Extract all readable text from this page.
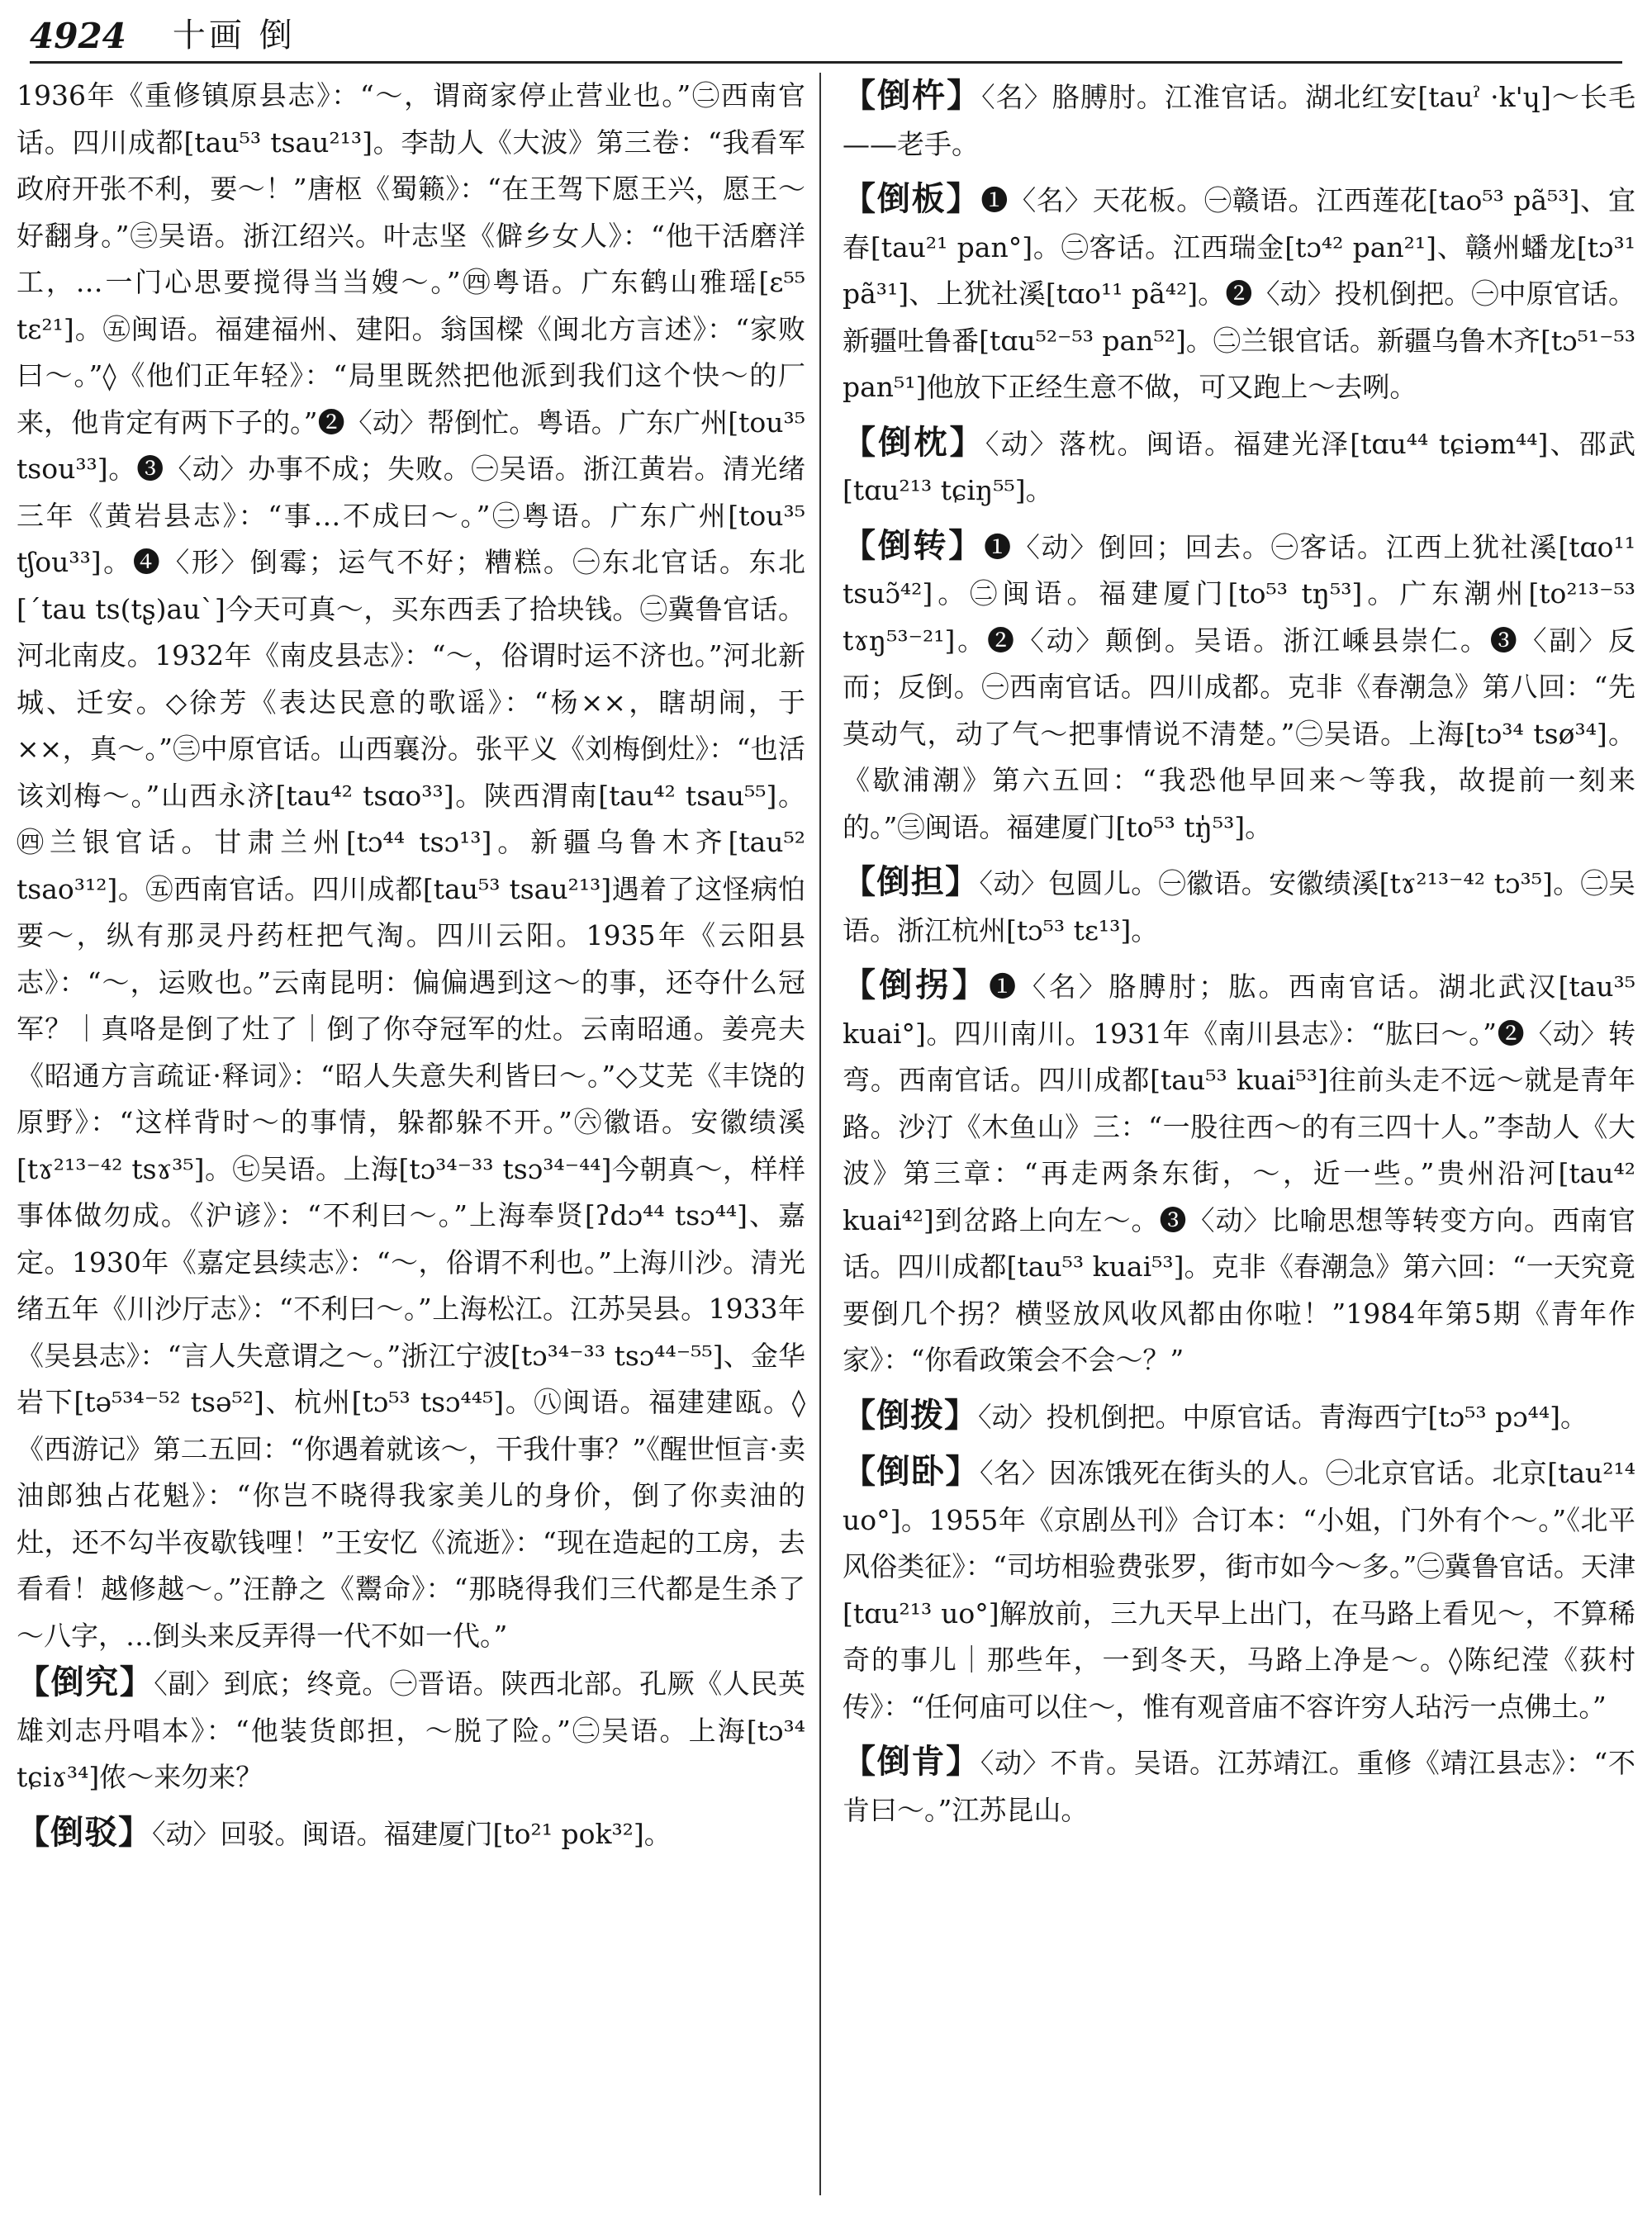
4924 十画 倒

1936年《重修镇原县志》：“～，谓商家停止营业也。”㊁西南官话。四川成都[tau⁵³ tsau²¹³]。李劼人《大波》第三卷：“我看军政府开张不利，要～！”唐枢《蜀籁》：“在王驾下愿王兴，愿王～好翻身。”㊂吴语。浙江绍兴。叶志坚《僻乡女人》：“他干活磨洋工，…一门心思要搅得当当嫂～。”㊃粤语。广东鹤山雅瑶[ɛ⁵⁵ tɛ²¹]。㊄闽语。福建福州、建阳。翁国樑《闽北方言述》：“家败曰～。”◊《他们正年轻》：“局里既然把他派到我们这个快～的厂来，他肯定有两下子的。”❷〈动〉帮倒忙。粤语。广东广州[tou³⁵ tsou³³]。❸〈动〉办事不成；失败。㊀吴语。浙江黄岩。清光绪三年《黄岩县志》：“事…不成曰～。”㊁粤语。广东广州[tou³⁵ tʃou³³]。❹〈形〉倒霉；运气不好；糟糕。㊀东北官话。东北[ˊtau ts(tʂ)auˋ]今天可真～，买东西丢了拾块钱。㊁冀鲁官话。河北南皮。1932年《南皮县志》：“～，俗谓时运不济也。”河北新城、迁安。◇徐芳《表达民意的歌谣》：“杨××，瞎胡闹，于××，真～。”㊂中原官话。山西襄汾。张平义《刘梅倒灶》：“也活该刘梅～。”山西永济[tau⁴² tsɑo³³]。陕西渭南[tau⁴² tsau⁵⁵]。㊃兰银官话。甘肃兰州[tɔ⁴⁴ tsɔ¹³]。新疆乌鲁木齐[tau⁵² tsao³¹²]。㊄西南官话。四川成都[tau⁵³ tsau²¹³]遇着了这怪病怕要～，纵有那灵丹药枉把气淘。四川云阳。1935年《云阳县志》：“～，运败也。”云南昆明：偏偏遇到这～的事，还夺什么冠军？｜真咯是倒了灶了｜倒了你夺冠军的灶。云南昭通。姜亮夫《昭通方言疏证·释词》：“昭人失意失利皆曰～。”◇艾芜《丰饶的原野》：“这样背时～的事情，躲都躲不开。”㊅徽语。安徽绩溪[tɤ²¹³⁻⁴² tsɤ³⁵]。㊆吴语。上海[tɔ³⁴⁻³³ tsɔ³⁴⁻⁴⁴]今朝真～，样样事体做勿成。《沪谚》：“不利曰～。”上海奉贤[ʔdɔ⁴⁴ tsɔ⁴⁴]、嘉定。1930年《嘉定县续志》：“～，俗谓不利也。”上海川沙。清光绪五年《川沙厅志》：“不利曰～。”上海松江。江苏吴县。1933年《吴县志》：“言人失意谓之～。”浙江宁波[tɔ³⁴⁻³³ tsɔ⁴⁴⁻⁵⁵]、金华岩下[tə⁵³⁴⁻⁵² tsə⁵²]、杭州[tɔ⁵³ tsɔ⁴⁴⁵]。㊇闽语。福建建瓯。◊《西游记》第二五回：“你遇着就该～，干我什事？”《醒世恒言·卖油郎独占花魁》：“你岂不晓得我家美儿的身价，倒了你卖油的灶，还不勾半夜歇钱哩！”王安忆《流逝》：“现在造起的工房，去看看！越修越～。”汪静之《鬻命》：“那晓得我们三代都是生杀了～八字，…倒头来反弄得一代不如一代。”

【倒究】〈副〉到底；终竟。㊀晋语。陕西北部。孔厥《人民英雄刘志丹唱本》：“他装货郎担，～脱了险。”㊁吴语。上海[tɔ³⁴ tɕiɤ³⁴]侬～来勿来？

【倒驳】〈动〉回驳。闽语。福建厦门[to²¹ pok³²]。

【倒杵】〈名〉胳膊肘。江淮官话。湖北红安[tauˀ ·k'ɥ]～长毛——老手。

【倒板】❶〈名〉天花板。㊀赣语。江西莲花[tao⁵³ pã⁵³]、宜春[tau²¹ pan°]。㊁客话。江西瑞金[tɔ⁴² pan²¹]、赣州蟠龙[tɔ³¹ pã³¹]、上犹社溪[tɑo¹¹ pã⁴²]。❷〈动〉投机倒把。㊀中原官话。新疆吐鲁番[tɑu⁵²⁻⁵³ pan⁵²]。㊁兰银官话。新疆乌鲁木齐[tɔ⁵¹⁻⁵³ pan⁵¹]他放下正经生意不做，可又跑上～去咧。

【倒枕】〈动〉落枕。闽语。福建光泽[tɑu⁴⁴ tɕiəm⁴⁴]、邵武[tɑu²¹³ tɕiŋ⁵⁵]。

【倒转】❶〈动〉倒回；回去。㊀客话。江西上犹社溪[tɑo¹¹ tsuɔ̃⁴²]。㊁闽语。福建厦门[to⁵³ tŋ⁵³]。广东潮州[to²¹³⁻⁵³ tɤŋ⁵³⁻²¹]。❷〈动〉颠倒。吴语。浙江嵊县崇仁。❸〈副〉反而；反倒。㊀西南官话。四川成都。克非《春潮急》第八回：“先莫动气，动了气～把事情说不清楚。”㊁吴语。上海[tɔ³⁴ tsø³⁴]。《歇浦潮》第六五回：“我恐他早回来～等我，故提前一刻来的。”㊂闽语。福建厦门[to⁵³ tŋ̍⁵³]。

【倒担】〈动〉包圆儿。㊀徽语。安徽绩溪[tɤ²¹³⁻⁴² tɔ³⁵]。㊁吴语。浙江杭州[tɔ⁵³ tɛ¹³]。

【倒拐】❶〈名〉胳膊肘；肱。西南官话。湖北武汉[tau³⁵ kuai°]。四川南川。1931年《南川县志》：“肱曰～。”❷〈动〉转弯。西南官话。四川成都[tau⁵³ kuai⁵³]往前头走不远～就是青年路。沙汀《木鱼山》三：“一股往西～的有三四十人。”李劼人《大波》第三章：“再走两条东街，～，近一些。”贵州沿河[tau⁴² kuai⁴²]到岔路上向左～。❸〈动〉比喻思想等转变方向。西南官话。四川成都[tau⁵³ kuai⁵³]。克非《春潮急》第六回：“一天究竟要倒几个拐？横竖放风收风都由你啦！”1984年第5期《青年作家》：“你看政策会不会～？”

【倒拨】〈动〉投机倒把。中原官话。青海西宁[tɔ⁵³ pɔ⁴⁴]。

【倒卧】〈名〉因冻饿死在街头的人。㊀北京官话。北京[tau²¹⁴ uo°]。1955年《京剧丛刊》合订本：“小姐，门外有个～。”《北平风俗类征》：“司坊相验费张罗，街市如今～多。”㊁冀鲁官话。天津[tɑu²¹³ uo°]解放前，三九天早上出门，在马路上看见～，不算稀奇的事儿｜那些年，一到冬天，马路上净是～。◊陈纪滢《荻村传》：“任何庙可以住～，惟有观音庙不容许穷人玷污一点佛土。”

【倒肯】〈动〉不肯。吴语。江苏靖江。重修《靖江县志》：“不肯曰～。”江苏昆山。
